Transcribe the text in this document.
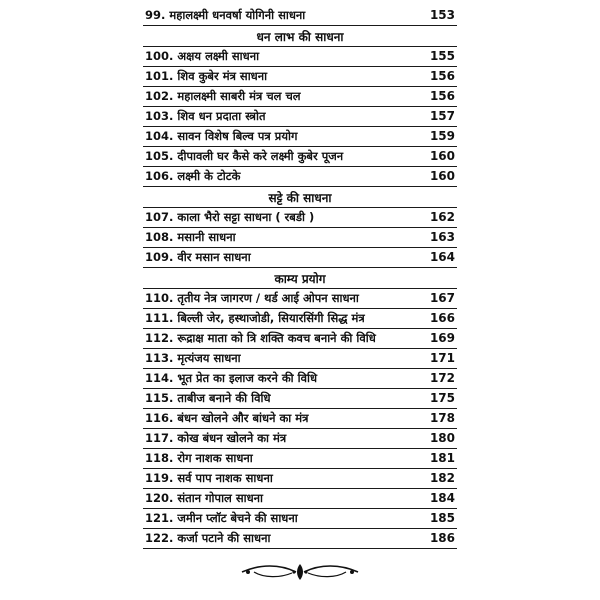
99. महालक्ष्मी धनवर्षा योगिनी साधना	153
धन लाभ की साधना
100. अक्षय लक्ष्मी साधना	155
101. शिव कुबेर मंत्र साधना	156
102. महालक्ष्मी साबरी मंत्र चल चल	156
103. शिव धन प्रदाता स्त्रोत	157
104. सावन विशेष बिल्व पत्र प्रयोग	159
105. दीपावली घर कैसे करे लक्ष्मी कुबेर पूजन	160
106. लक्ष्मी के टोटके	160
सट्टे की साधना
107. काला भैरो सट्टा साधना ( रबडी )	162
108. मसानी साधना	163
109. वीर मसान साधना	164
काम्य प्रयोग
110. तृतीय नेत्र जागरण / थर्ड आई ओपन साधना	167
111. बिल्ली जेर, हस्थाजोडी, सियारसिंगी सिद्ध मंत्र	166
112. रूद्राक्ष माता को त्रि शक्ति कवच बनाने की विधि	169
113. मृत्यंजय साधना	171
114. भूत प्रेत का इलाज करने की विधि	172
115. ताबीज बनाने की विधि	175
116. बंधन खोलने और बांधने का मंत्र	178
117. कोख बंधन खोलने का मंत्र	180
118. रोग नाशक साधना	181
119. सर्व पाप नाशक साधना	182
120. संतान गोपाल साधना	184
121. जमीन प्लॉट बेचने की साधना	185
122. कर्जा पटाने की साधना	186
